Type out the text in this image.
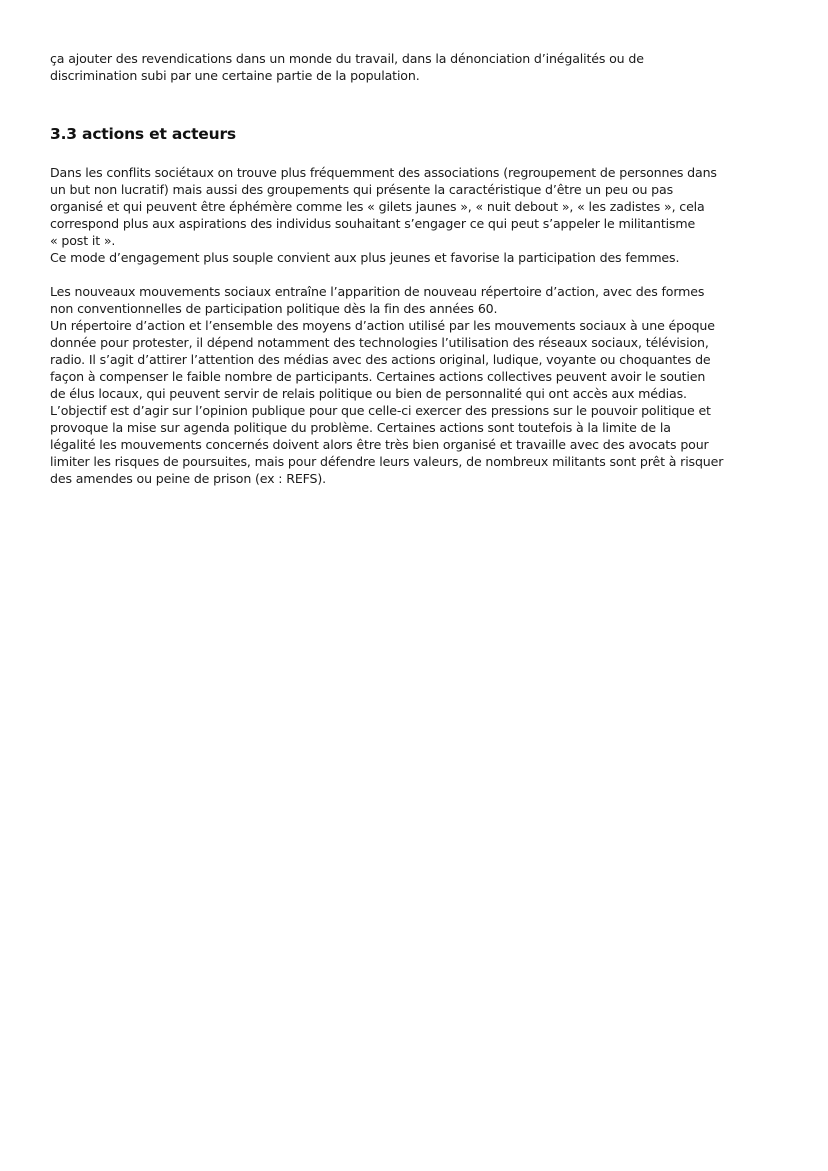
ça ajouter des revendications dans un monde du travail, dans la dénonciation d’inégalités ou de
discrimination subi par une certaine partie de la population.

3.3 actions et acteurs

Dans les conflits sociétaux on trouve plus fréquemment des associations (regroupement de personnes dans
un but non lucratif) mais aussi des groupements qui présente la caractéristique d’être un peu ou pas
organisé et qui peuvent être éphémère comme les « gilets jaunes », « nuit debout », « les zadistes », cela
correspond plus aux aspirations des individus souhaitant s’engager ce qui peut s’appeler le militantisme
« post it ».
Ce mode d’engagement plus souple convient aux plus jeunes et favorise la participation des femmes.

Les nouveaux mouvements sociaux entraîne l’apparition de nouveau répertoire d’action, avec des formes
non conventionnelles de participation politique dès la fin des années 60.
Un répertoire d’action et l’ensemble des moyens d’action utilisé par les mouvements sociaux à une époque
donnée pour protester, il dépend notamment des technologies l’utilisation des réseaux sociaux, télévision,
radio. Il s’agit d’attirer l’attention des médias avec des actions original, ludique, voyante ou choquantes de
façon à compenser le faible nombre de participants. Certaines actions collectives peuvent avoir le soutien
de élus locaux, qui peuvent servir de relais politique ou bien de personnalité qui ont accès aux médias.
L’objectif est d’agir sur l’opinion publique pour que celle-ci exercer des pressions sur le pouvoir politique et
provoque la mise sur agenda politique du problème. Certaines actions sont toutefois à la limite de la
légalité les mouvements concernés doivent alors être très bien organisé et travaille avec des avocats pour
limiter les risques de poursuites, mais pour défendre leurs valeurs, de nombreux militants sont prêt à risquer
des amendes ou peine de prison (ex : REFS).
